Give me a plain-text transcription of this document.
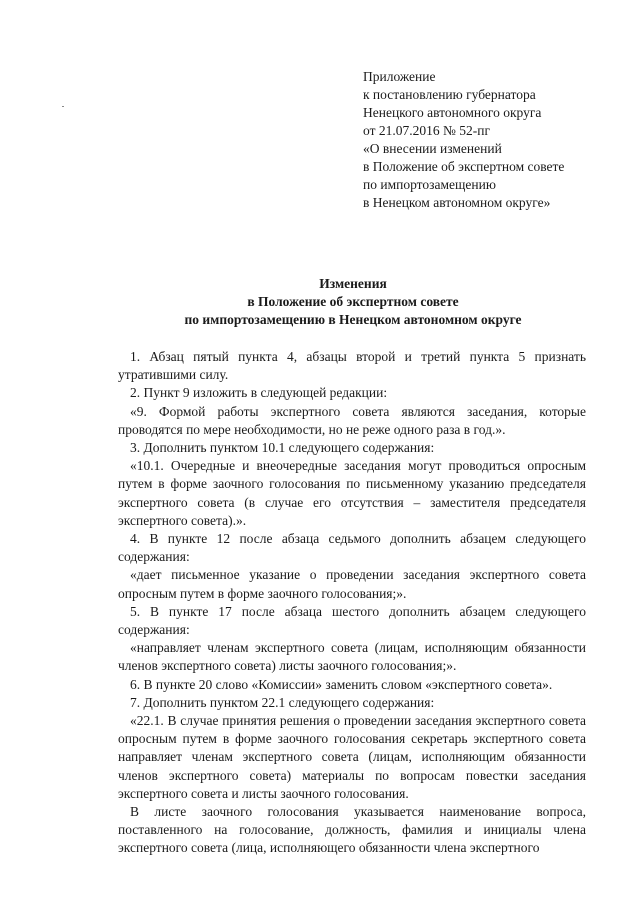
Приложение
к постановлению губернатора
Ненецкого автономного округа
от 21.07.2016 № 52-пг
«О внесении изменений
в Положение об экспертном совете
по импортозамещению
в Ненецком автономном округе»
Изменения
в Положение об экспертном совете
по импортозамещению в Ненецком автономном округе

1. Абзац пятый пункта 4, абзацы второй и третий пункта 5 признать утратившими силу.

2. Пункт 9 изложить в следующей редакции:

«9. Формой работы экспертного совета являются заседания, которые проводятся по мере необходимости, но не реже одного раза в год.».

3. Дополнить пунктом 10.1 следующего содержания:

«10.1. Очередные и внеочередные заседания могут проводиться опросным путем в форме заочного голосования по письменному указанию председателя экспертного совета (в случае его отсутствия – заместителя председателя экспертного совета).».

4. В пункте 12 после абзаца седьмого дополнить абзацем следующего содержания:

«дает письменное указание о проведении заседания экспертного совета опросным путем в форме заочного голосования;».

5. В пункте 17 после абзаца шестого дополнить абзацем следующего содержания:

«направляет членам экспертного совета (лицам, исполняющим обязанности членов экспертного совета) листы заочного голосования;».

6. В пункте 20 слово «Комиссии» заменить словом «экспертного совета».

7. Дополнить пунктом 22.1 следующего содержания:

«22.1. В случае принятия решения о проведении заседания экспертного совета опросным путем в форме заочного голосования секретарь экспертного совета направляет членам экспертного совета (лицам, исполняющим обязанности членов экспертного совета) материалы по вопросам повестки заседания экспертного совета и листы заочного голосования.

В листе заочного голосования указывается наименование вопроса, поставленного на голосование, должность, фамилия и инициалы члена экспертного совета (лица, исполняющего обязанности члена экспертного
